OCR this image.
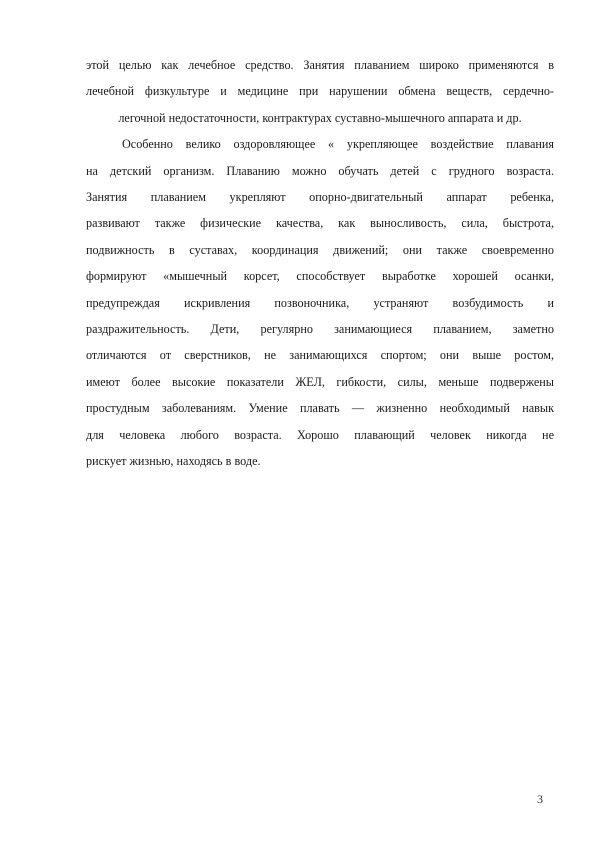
этой целью как лечебное средство. Занятия плаванием широко применяются в
лечебной физкультуре и медицине при нарушении обмена веществ, сердечно-
легочной недостаточности, контрактурах суставно-мышечного аппарата и др.
Особенно велико оздоровляющее « укрепляющее воздействие плавания
на детский организм. Плаванию можно обучать детей с грудного возраста.
Занятия плаванием укрепляют опорно-двигательный аппарат ребенка,
развивают также физические качества, как выносливость, сила, быстрота,
подвижность в суставах, координация движений; они также своевременно
формируют «мышечный корсет, способствует выработке хорошей осанки,
предупреждая искривления позвоночника, устраняют возбудимость и
раздражительность. Дети, регулярно занимающиеся плаванием, заметно
отличаются от сверстников, не занимающихся спортом; они выше ростом,
имеют более высокие показатели ЖЕЛ, гибкости, силы, меньше подвержены
простудным заболеваниям. Умение плавать — жизненно необходимый навык
для человека любого возраста. Хорошо плавающий человек никогда не
рискует жизнью, находясь в воде.
3
